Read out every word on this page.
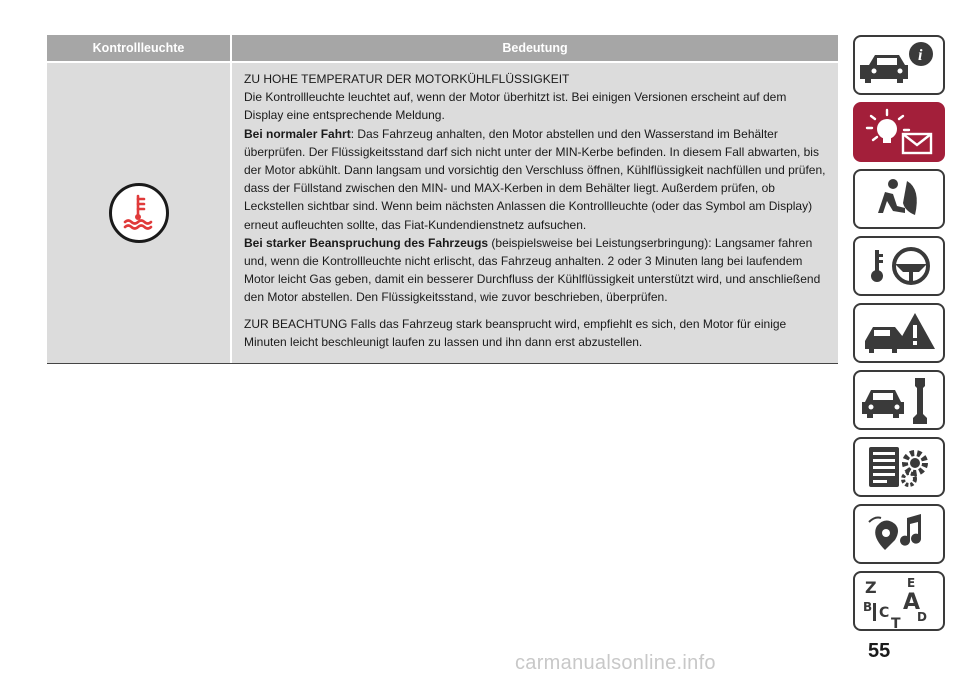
Kontrollleuchte	Bedeutung

ZU HOHE TEMPERATUR DER MOTORKÜHLFLÜSSIGKEIT

Die Kontrollleuchte leuchtet auf, wenn der Motor überhitzt ist. Bei einigen Versionen erscheint auf dem Display eine entsprechende Meldung.

Bei normaler Fahrt: Das Fahrzeug anhalten, den Motor abstellen und den Wasserstand im Behälter überprüfen. Der Flüssigkeitsstand darf sich nicht unter der MIN-Kerbe befinden. In diesem Fall abwarten, bis der Motor abkühlt. Dann langsam und vorsichtig den Verschluss öffnen, Kühlflüssigkeit nachfüllen und prüfen, dass der Füllstand zwischen den MIN- und MAX-Kerben in dem Behälter liegt. Außerdem prüfen, ob Leckstellen sichtbar sind. Wenn beim nächsten Anlassen die Kontrollleuchte (oder das Symbol am Display) erneut aufleuchten sollte, das Fiat-Kundendienstnetz aufsuchen.

Bei starker Beanspruchung des Fahrzeugs (beispielsweise bei Leistungserbringung): Langsamer fahren und, wenn die Kontrollleuchte nicht erlischt, das Fahrzeug anhalten. 2 oder 3 Minuten lang bei laufendem Motor leicht Gas geben, damit ein besserer Durchfluss der Kühlflüssigkeit unterstützt wird, und anschließend den Motor abstellen. Den Flüssigkeitsstand, wie zuvor beschrieben, überprüfen.

ZUR BEACHTUNG Falls das Fahrzeug stark beansprucht wird, empfiehlt es sich, den Motor für einige Minuten leicht beschleunigt laufen zu lassen und ihn dann erst abzustellen.

i
Z	E
B A
C D
T
55
carmanualsonline.info
